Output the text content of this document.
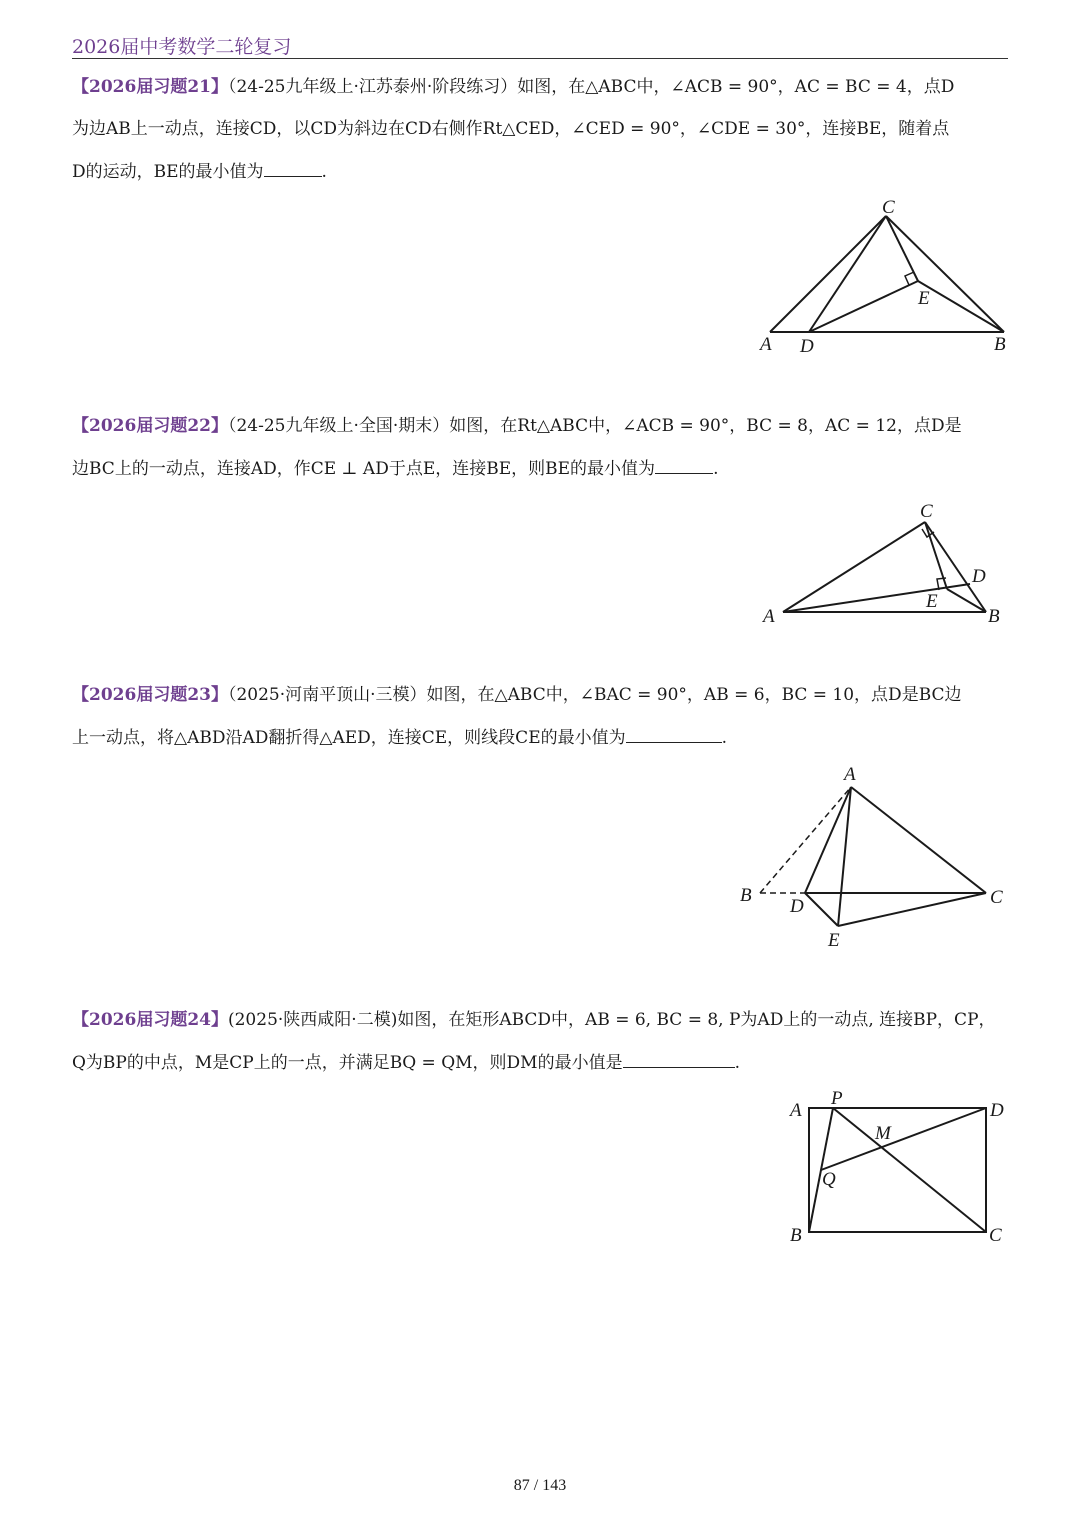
2026届中考数学二轮复习
【2026届习题21】（24-25九年级上·江苏泰州·阶段练习）如图，在△ABC中，∠ACB = 90°，AC = BC = 4，点D
为边AB上一动点，连接CD，以CD为斜边在CD右侧作Rt△CED，∠CED = 90°，∠CDE = 30°，连接BE，随着点
D的运动，BE的最小值为	.
C
E
A D	B
【2026届习题22】（24-25九年级上·全国·期末）如图，在Rt△ABC中，∠ACB = 90°，BC = 8，AC = 12，点D是
边BC上的一动点，连接AD，作CE ⊥ AD于点E，连接BE，则BE的最小值为	.
C
D
E
A	B
【2026届习题23】（2025·河南平顶山·三模）如图，在△ABC中，∠BAC = 90°，AB = 6，BC = 10，点D是BC边
上一动点，将△ABD沿AD翻折得△AED，连接CE，则线段CE的最小值为	.
A
B
D	C
E
【2026届习题24】(2025·陕西咸阳·二模)如图，在矩形ABCD中，AB = 6, BC = 8, P为AD上的一动点, 连接BP，CP，
Q为BP的中点，M是CP上的一点，并满足BQ = QM，则DM的最小值是	.
A
P
D
M
Q
B	C
87 / 143
